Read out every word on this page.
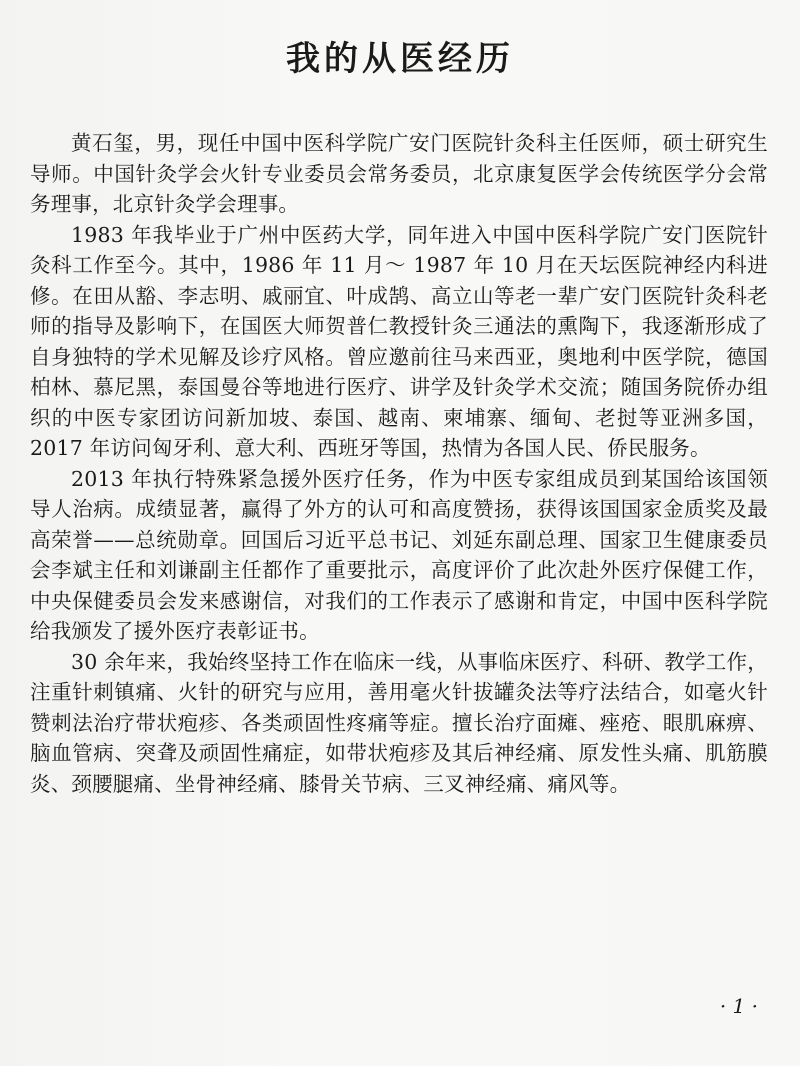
我的从医经历

黄石玺，男，现任中国中医科学院广安门医院针灸科主任医师，硕士研究生导师。中国针灸学会火针专业委员会常务委员，北京康复医学会传统医学分会常务理事，北京针灸学会理事。

1983 年我毕业于广州中医药大学，同年进入中国中医科学院广安门医院针灸科工作至今。其中，1986 年 11 月～ 1987 年 10 月在天坛医院神经内科进修。在田从豁、李志明、戚丽宜、叶成鹄、高立山等老一辈广安门医院针灸科老师的指导及影响下，在国医大师贺普仁教授针灸三通法的熏陶下，我逐渐形成了自身独特的学术见解及诊疗风格。曾应邀前往马来西亚，奥地利中医学院，德国柏林、慕尼黑，泰国曼谷等地进行医疗、讲学及针灸学术交流；随国务院侨办组织的中医专家团访问新加坡、泰国、越南、柬埔寨、缅甸、老挝等亚洲多国，2017 年访问匈牙利、意大利、西班牙等国，热情为各国人民、侨民服务。

2013 年执行特殊紧急援外医疗任务，作为中医专家组成员到某国给该国领导人治病。成绩显著，赢得了外方的认可和高度赞扬，获得该国国家金质奖及最高荣誉——总统勋章。回国后习近平总书记、刘延东副总理、国家卫生健康委员会李斌主任和刘谦副主任都作了重要批示，高度评价了此次赴外医疗保健工作，中央保健委员会发来感谢信，对我们的工作表示了感谢和肯定，中国中医科学院给我颁发了援外医疗表彰证书。

30 余年来，我始终坚持工作在临床一线，从事临床医疗、科研、教学工作，注重针刺镇痛、火针的研究与应用，善用毫火针拔罐灸法等疗法结合，如毫火针赞刺法治疗带状疱疹、各类顽固性疼痛等症。擅长治疗面瘫、痤疮、眼肌麻痹、脑血管病、突聋及顽固性痛症，如带状疱疹及其后神经痛、原发性头痛、肌筋膜炎、颈腰腿痛、坐骨神经痛、膝骨关节病、三叉神经痛、痛风等。

· 1 ·
